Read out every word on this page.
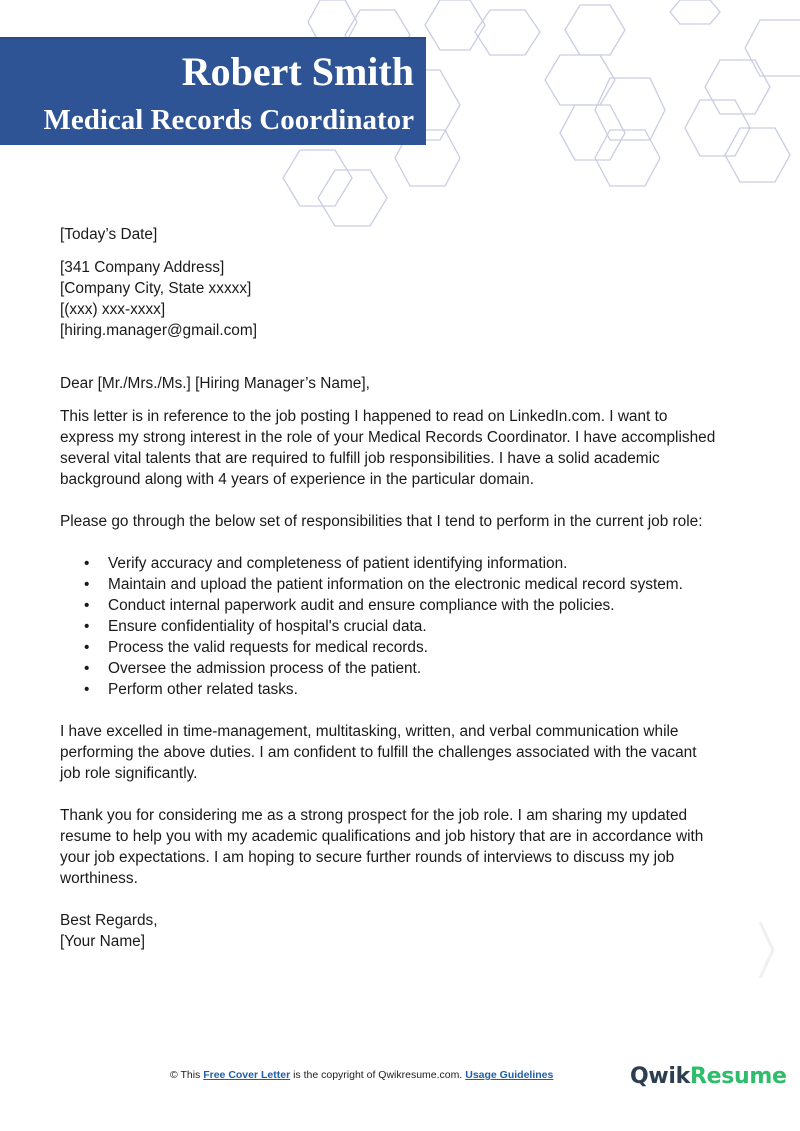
Robert Smith
Medical Records Coordinator
[Today’s Date]
[341 Company Address]
[Company City, State xxxxx]
[(xxx) xxx-xxxx]
[hiring.manager@gmail.com]
Dear [Mr./Mrs./Ms.] [Hiring Manager’s Name],
This letter is in reference to the job posting I happened to read on LinkedIn.com. I want to
express my strong interest in the role of your Medical Records Coordinator. I have accomplished
several vital talents that are required to fulfill job responsibilities. I have a solid academic
background along with 4 years of experience in the particular domain.
Please go through the below set of responsibilities that I tend to perform in the current job role:
• Verify accuracy and completeness of patient identifying information.
• Maintain and upload the patient information on the electronic medical record system.
• Conduct internal paperwork audit and ensure compliance with the policies.
• Ensure confidentiality of hospital's crucial data.
• Process the valid requests for medical records.
• Oversee the admission process of the patient.
• Perform other related tasks.
I have excelled in time-management, multitasking, written, and verbal communication while
performing the above duties. I am confident to fulfill the challenges associated with the vacant
job role significantly.
Thank you for considering me as a strong prospect for the job role. I am sharing my updated
resume to help you with my academic qualifications and job history that are in accordance with
your job expectations. I am hoping to secure further rounds of interviews to discuss my job
worthiness.
Best Regards,
[Your Name]
© This Free Cover Letter is the copyright of Qwikresume.com. Usage Guidelines	QwikResume
